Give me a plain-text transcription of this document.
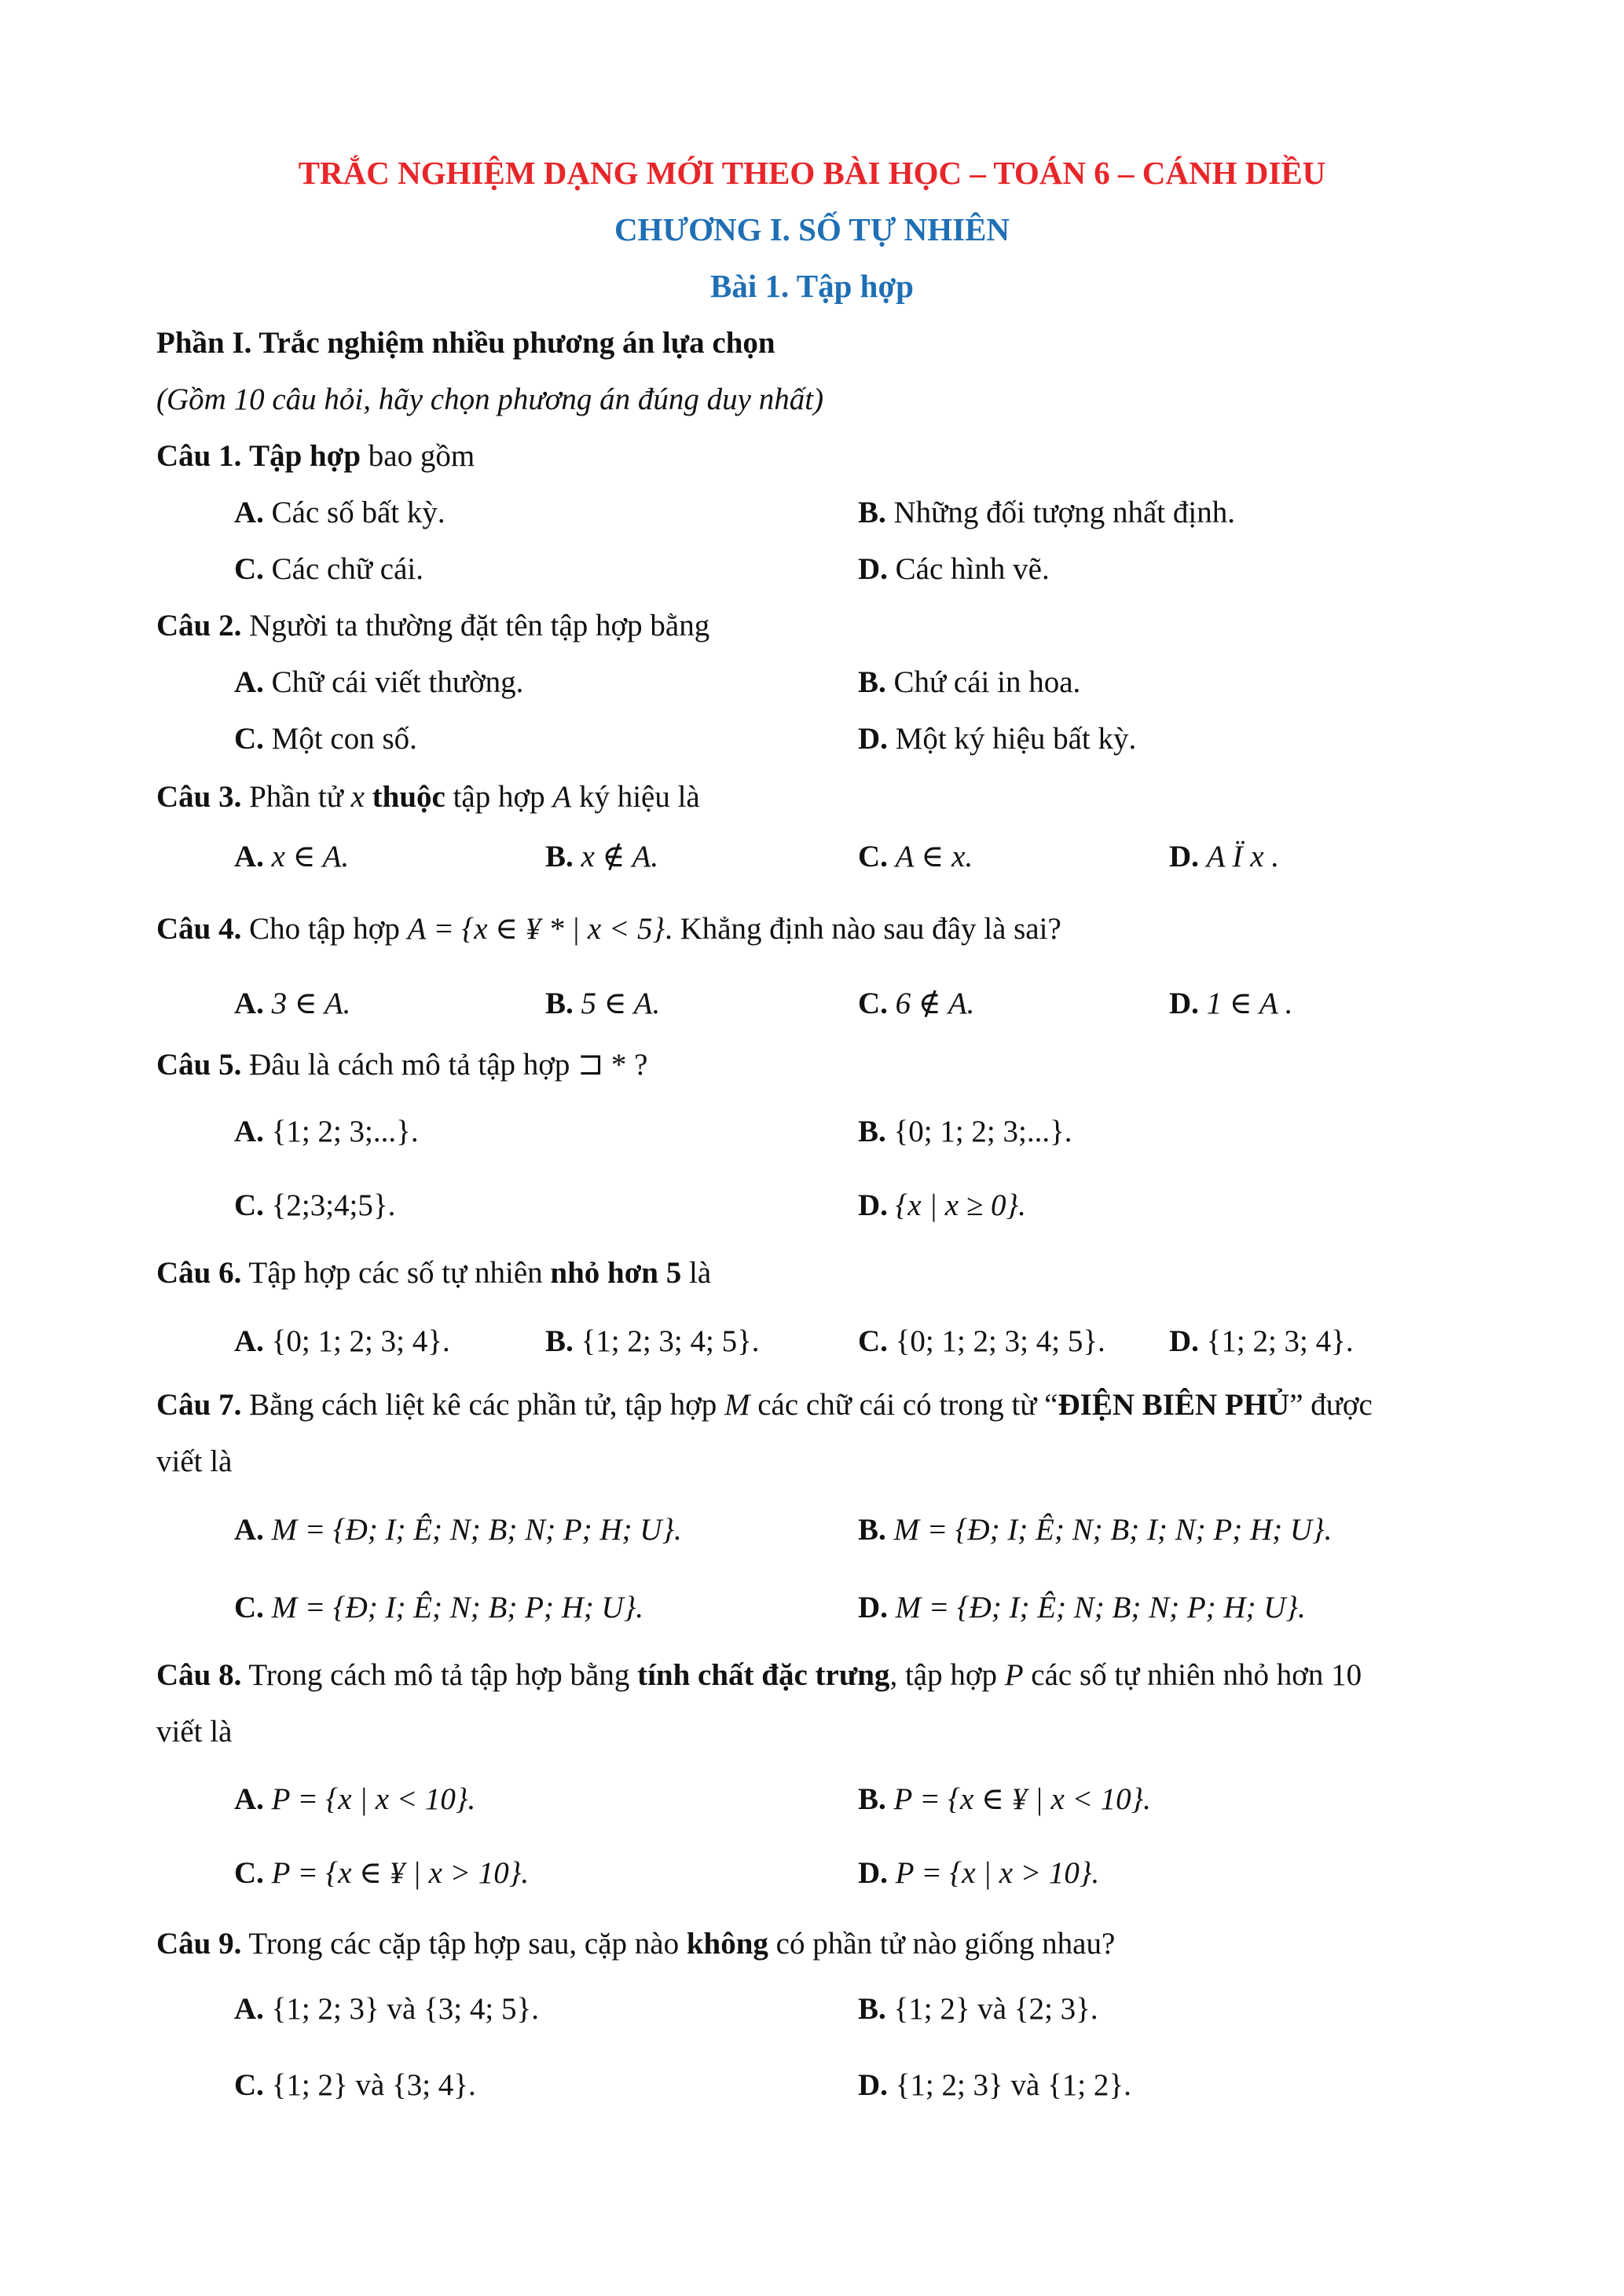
TRẮC NGHIỆM DẠNG MỚI THEO BÀI HỌC – TOÁN 6 – CÁNH DIỀU
CHƯƠNG I. SỐ TỰ NHIÊN
Bài 1. Tập hợp
Phần I. Trắc nghiệm nhiều phương án lựa chọn
(Gồm 10 câu hỏi, hãy chọn phương án đúng duy nhất)
Câu 1. Tập hợp bao gồm
A. Các số bất kỳ.	B. Những đối tượng nhất định.
C. Các chữ cái.	D. Các hình vẽ.
Câu 2. Người ta thường đặt tên tập hợp bằng
A. Chữ cái viết thường.	B. Chứ cái in hoa.
C. Một con số.	D. Một ký hiệu bất kỳ.
Câu 3. Phần tử x thuộc tập hợp A ký hiệu là
A. x ∈ A.	B. x ∉ A.	C. A ∈ x.	D. A Ï x .
Câu 4. Cho tập hợp A = {x ∈ ¥ * | x < 5}. Khẳng định nào sau đây là sai?
A. 3 ∈ A.	B. 5 ∈ A.	C. 6 ∉ A.	D. 1 ∈ A .
Câu 5. Đâu là cách mô tả tập hợp ⊐ * ?
A. {1; 2; 3;...}.	B. {0; 1; 2; 3;...}.
C. {2;3;4;5}.	D. {x | x ≥ 0}.
Câu 6. Tập hợp các số tự nhiên nhỏ hơn 5 là
A. {0; 1; 2; 3; 4}.	B. {1; 2; 3; 4; 5}.	C. {0; 1; 2; 3; 4; 5}. D. {1; 2; 3; 4}.
Câu 7. Bằng cách liệt kê các phần tử, tập hợp M các chữ cái có trong từ “ĐIỆN BIÊN PHỦ” được
viết là
A. M = {Đ; I; Ê; N; B; N; P; H; U}.	B. M = {Đ; I; Ê; N; B; I; N; P; H; U}.
C. M = {Đ; I; Ê; N; B; P; H; U}.	D. M = {Đ; I; Ê; N; B; N; P; H; U}.
Câu 8. Trong cách mô tả tập hợp bằng tính chất đặc trưng, tập hợp P các số tự nhiên nhỏ hơn 10
viết là
A. P = {x | x < 10}.	B. P = {x ∈ ¥ | x < 10}.
C. P = {x ∈ ¥ | x > 10}.	D. P = {x | x > 10}.
Câu 9. Trong các cặp tập hợp sau, cặp nào không có phần tử nào giống nhau?
A. {1; 2; 3} và {3; 4; 5}.	B. {1; 2} và {2; 3}.
C. {1; 2} và {3; 4}.	D. {1; 2; 3} và {1; 2}.
